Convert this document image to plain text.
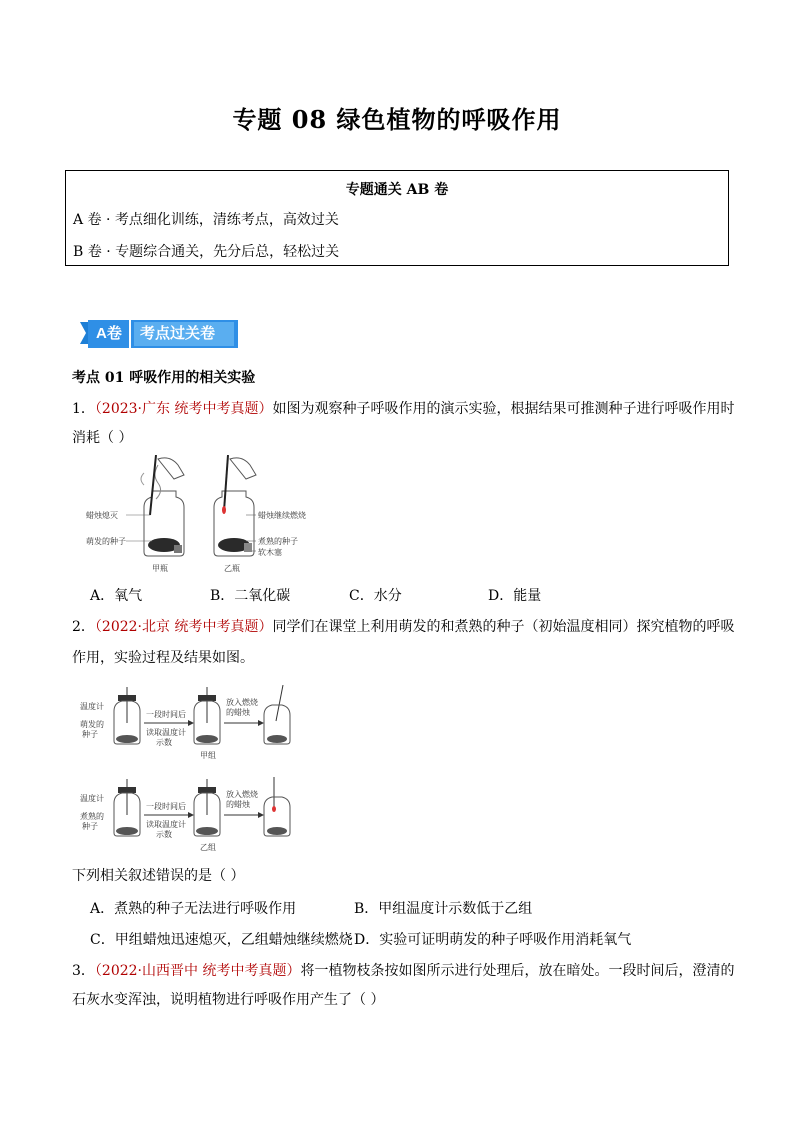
专题 08 绿色植物的呼吸作用
专题通关 AB 卷
A 卷 · 考点细化训练，清练考点，高效过关
B 卷 · 专题综合通关，先分后总，轻松过关
A卷 考点过关卷
考点 01 呼吸作用的相关实验
1．（2023·广东 统考中考真题）如图为观察种子呼吸作用的演示实验，根据结果可推测种子进行呼吸作用时
消耗（ ）
蜡烛熄灭
萌发的种子
蜡烛继续燃烧
煮熟的种子
软木塞
甲瓶	乙瓶
A．氧气	B．二氧化碳	C．水分	D．能量
2．（2022·北京 统考中考真题）同学们在课堂上利用萌发的和煮熟的种子（初始温度相同）探究植物的呼吸
作用，实验过程及结果如图。
温度计
萌发的
种子
一段时间后
读取温度计
示数
放入燃烧
的蜡烛
甲组
温度计
煮熟的
种子
一段时间后
读取温度计
示数
放入燃烧
的蜡烛
乙组
下列相关叙述错误的是（ ）
A．煮熟的种子无法进行呼吸作用	B．甲组温度计示数低于乙组
C．甲组蜡烛迅速熄灭，乙组蜡烛继续燃烧 D．实验可证明萌发的种子呼吸作用消耗氧气
3．（2022·山西晋中 统考中考真题）将一植物枝条按如图所示进行处理后，放在暗处。一段时间后，澄清的
石灰水变浑浊，说明植物进行呼吸作用产生了（ ）
